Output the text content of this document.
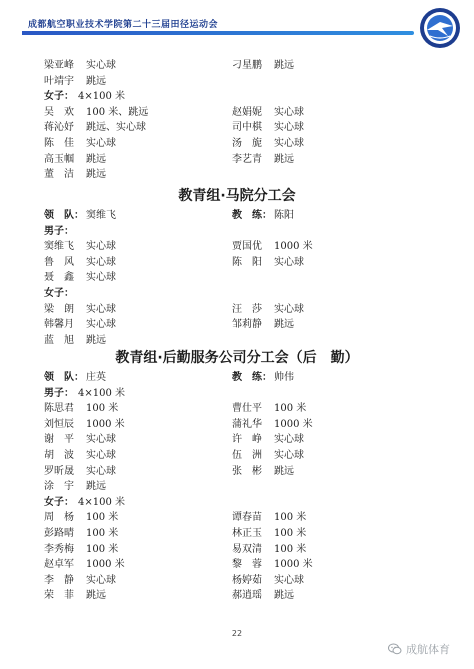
成都航空职业技术学院第二十三届田径运动会
梁亚峰 实心球	刁星鹏 跳远
叶靖宇 跳远
女子： 4×100 米
吴　欢 100 米、跳远	赵娟妮 实心球
蒋沁妤 跳远、实心球	司中棋 实心球
陈　佳 实心球	汤　旎 实心球
高玉帼 跳远	李艺青 跳远
董　洁 跳远
教青组·马院分工会
领　队： 窦维飞	教　练： 陈阳
男子：
窦维飞 实心球	贾国优 1000 米
鲁　风 实心球	陈　阳 实心球
聂　鑫 实心球
女子：
梁　朗 实心球	汪　莎 实心球
韩馨月 实心球	邹莉静 跳远
蓝　旭 跳远
教青组·后勤服务公司分工会（后　勤）
领　队： 庄英	教　练： 帅伟
男子： 4×100 米
陈思君 100 米	曹仕平 100 米
刘恒辰 1000 米	蒲礼华 1000 米
谢　平 实心球	许　峥 实心球
胡　波 实心球	伍　洲 实心球
罗昕晟 实心球	张　彬 跳远
涂　宇 跳远
女子： 4×100 米
周　杨 100 米	谭春苗 100 米
彭路晴 100 米	林正玉 100 米
李秀梅 100 米	易双清 100 米
赵卓军 1000 米	黎　蓉 1000 米
李　静 实心球	杨婷茹 实心球
荣　菲 跳远	郝逍瑶 跳远
22
成航体育
